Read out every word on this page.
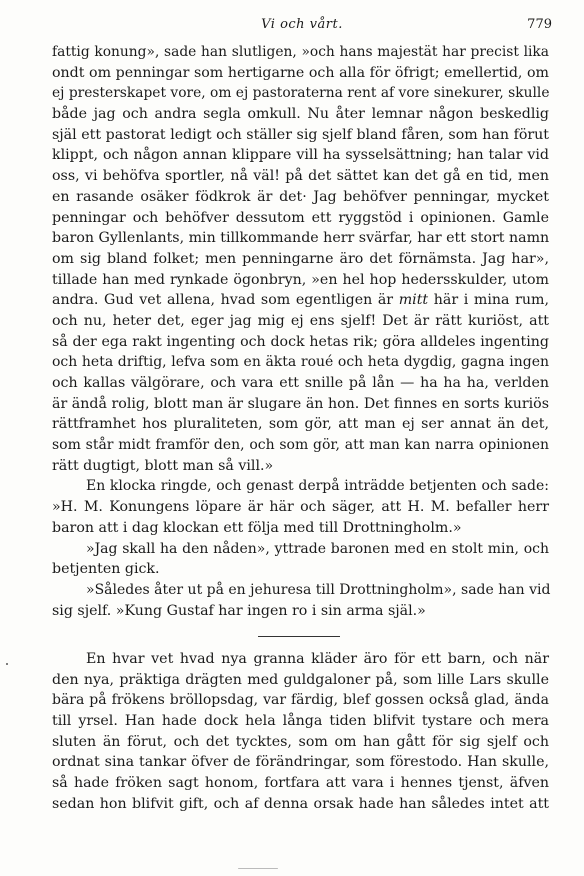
Vi och vårt.	779
fattig konung», sade han slutligen, »och hans majestät har precist lika
ondt om penningar som hertigarne och alla för öfrigt; emellertid, om
ej presterskapet vore, om ej pastoraterna rent af vore sinekurer, skulle
både jag och andra segla omkull. Nu åter lemnar någon beskedlig
själ ett pastorat ledigt och ställer sig sjelf bland fåren, som han förut
klippt, och någon annan klippare vill ha sysselsättning; han talar vid
oss, vi behöfva sportler, nå väl! på det sättet kan det gå en tid, men
en rasande osäker födkrok är det· Jag behöfver penningar, mycket
penningar och behöfver dessutom ett ryggstöd i opinionen. Gamle
baron Gyllenlants, min tillkommande herr svärfar, har ett stort namn
om sig bland folket; men penningarne äro det förnämsta. Jag har»,
tillade han med rynkade ögonbryn, »en hel hop hedersskulder, utom
andra. Gud vet allena, hvad som egentligen är mitt här i mina rum,
och nu, heter det, eger jag mig ej ens sjelf! Det är rätt kuriöst, att
så der ega rakt ingenting och dock hetas rik; göra alldeles ingenting
och heta driftig, lefva som en äkta roué och heta dygdig, gagna ingen
och kallas välgörare, och vara ett snille på lån — ha ha ha, verlden
är ändå rolig, blott man är slugare än hon. Det finnes en sorts kuriös
rättframhet hos pluraliteten, som gör, att man ej ser annat än det,
som står midt framför den, och som gör, att man kan narra opinionen
rätt dugtigt, blott man så vill.»
En klocka ringde, och genast derpå inträdde betjenten och sade:
»H. M. Konungens löpare är här och säger, att H. M. befaller herr
baron att i dag klockan ett följa med till Drottningholm.»
»Jag skall ha den nåden», yttrade baronen med en stolt min, och
betjenten gick.
»Således åter ut på en jehuresa till Drottningholm», sade han vid
sig sjelf. »Kung Gustaf har ingen ro i sin arma själ.»
En hvar vet hvad nya granna kläder äro för ett barn, och när
den nya, präktiga drägten med guldgaloner på, som lille Lars skulle
bära på frökens bröllopsdag, var färdig, blef gossen också glad, ända
till yrsel. Han hade dock hela långa tiden blifvit tystare och mera
sluten än förut, och det tycktes, som om han gått för sig sjelf och
ordnat sina tankar öfver de förändringar, som förestodo. Han skulle,
så hade fröken sagt honom, fortfara att vara i hennes tjenst, äfven
sedan hon blifvit gift, och af denna orsak hade han således intet att
